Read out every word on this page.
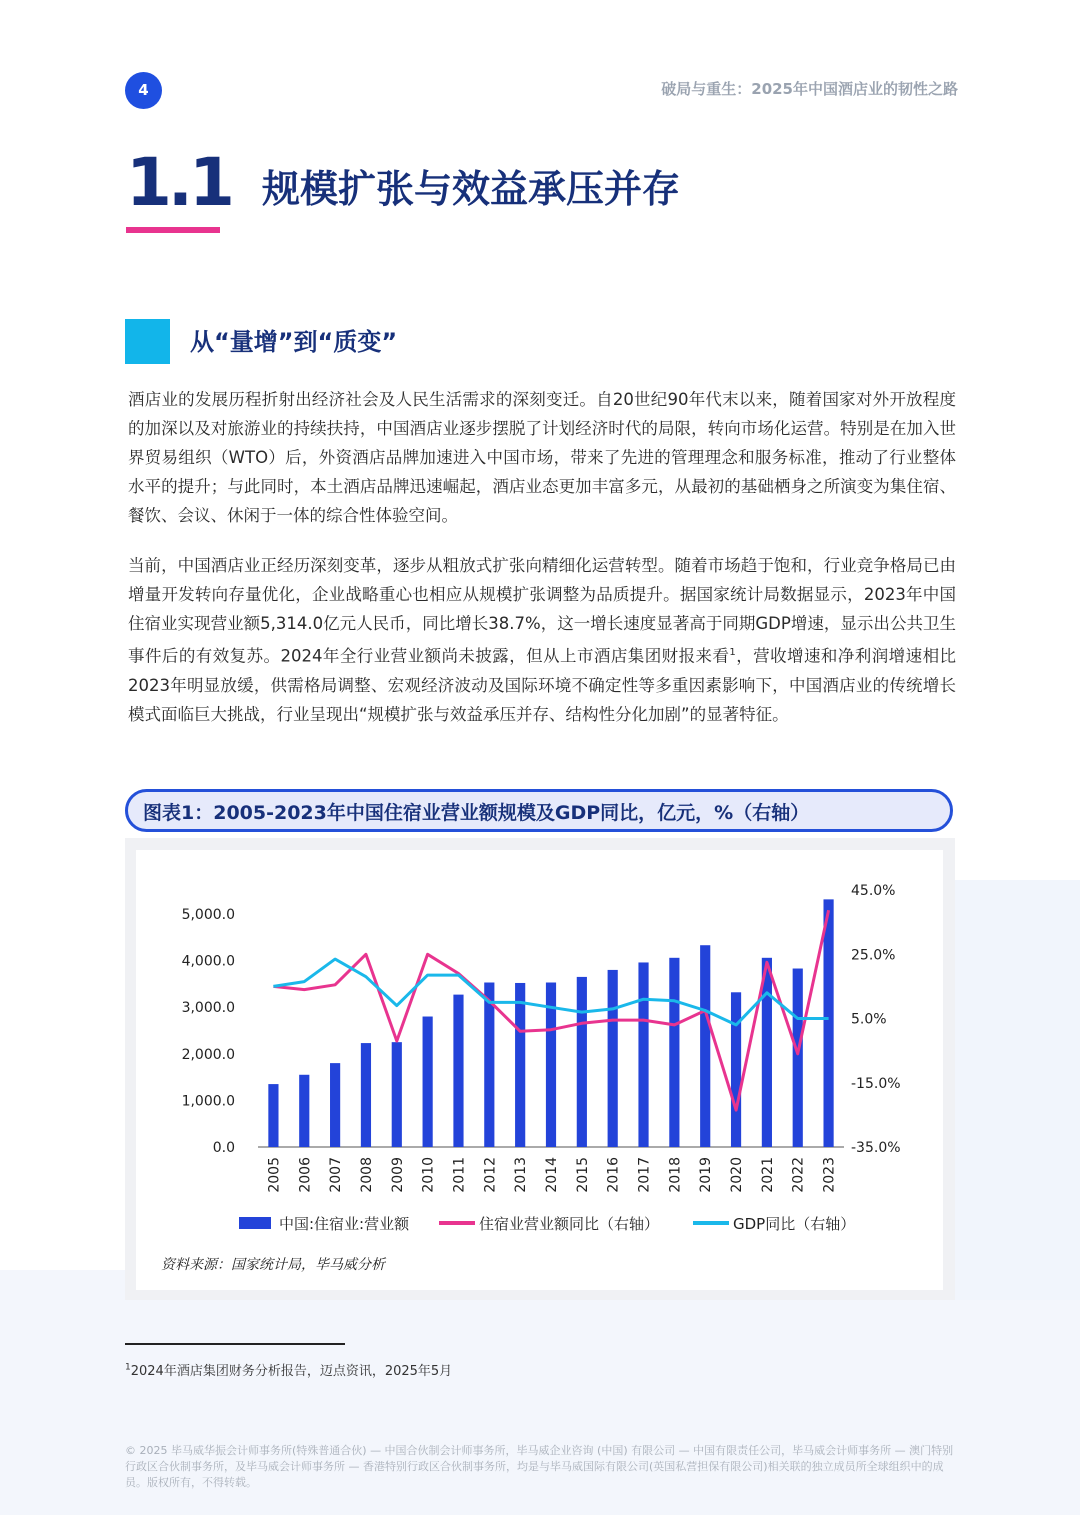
4	破局与重生：2025年中国酒店业的韧性之路
1.1 规模扩张与效益承压并存
从“量增”到“质变”

酒店业的发展历程折射出经济社会及人民生活需求的深刻变迁。自20世纪90年代末以来，随着国家对外开放程度的加深以及对旅游业的持续扶持，中国酒店业逐步摆脱了计划经济时代的局限，转向市场化运营。特别是在加入世界贸易组织（WTO）后，外资酒店品牌加速进入中国市场，带来了先进的管理理念和服务标准，推动了行业整体水平的提升；与此同时，本土酒店品牌迅速崛起，酒店业态更加丰富多元，从最初的基础栖身之所演变为集住宿、餐饮、会议、休闲于一体的综合性体验空间。

当前，中国酒店业正经历深刻变革，逐步从粗放式扩张向精细化运营转型。随着市场趋于饱和，行业竞争格局已由增量开发转向存量优化，企业战略重心也相应从规模扩张调整为品质提升。据国家统计局数据显示，2023年中国住宿业实现营业额5,314.0亿元人民币，同比增长38.7%，这一增长速度显著高于同期GDP增速，显示出公共卫生事件后的有效复苏。2024年全行业营业额尚未披露，但从上市酒店集团财报来看$^1$，营收增速和净利润增速相比2023年明显放缓，供需格局调整、宏观经济波动及国际环境不确定性等多重因素影响下，中国酒店业的传统增长模式面临巨大挑战，行业呈现出“规模扩张与效益承压并存、结构性分化加剧”的显著特征。

图表1：2005-2023年中国住宿业营业额规模及GDP同比，亿元，%（右轴）
0.0
1,000.0
2,000.0
3,000.0
4,000.0
5,000.0
-35.0%
-15.0%
5.0%
25.0%
45.0%
2005 2006 2007 2008 2009 2010 2011 2012 2013 2014 2015 2016 2017 2018 2019 2020 2021 2022 2023
中国:住宿业:营业额	住宿业营业额同比（右轴）	GDP同比（右轴）
资料来源：国家统计局，毕马威分析
$^1$2024年酒店集团财务分析报告，迈点资讯，2025年5月

© 2025 毕马威华振会计师事务所(特殊普通合伙) — 中国合伙制会计师事务所，毕马威企业咨询 (中国) 有限公司 — 中国有限责任公司，毕马威会计师事务所 — 澳门特别行政区合伙制事务所，及毕马威会计师事务所 — 香港特别行政区合伙制事务所，均是与毕马威国际有限公司(英国私营担保有限公司)相关联的独立成员所全球组织中的成员。版权所有，不得转载。
